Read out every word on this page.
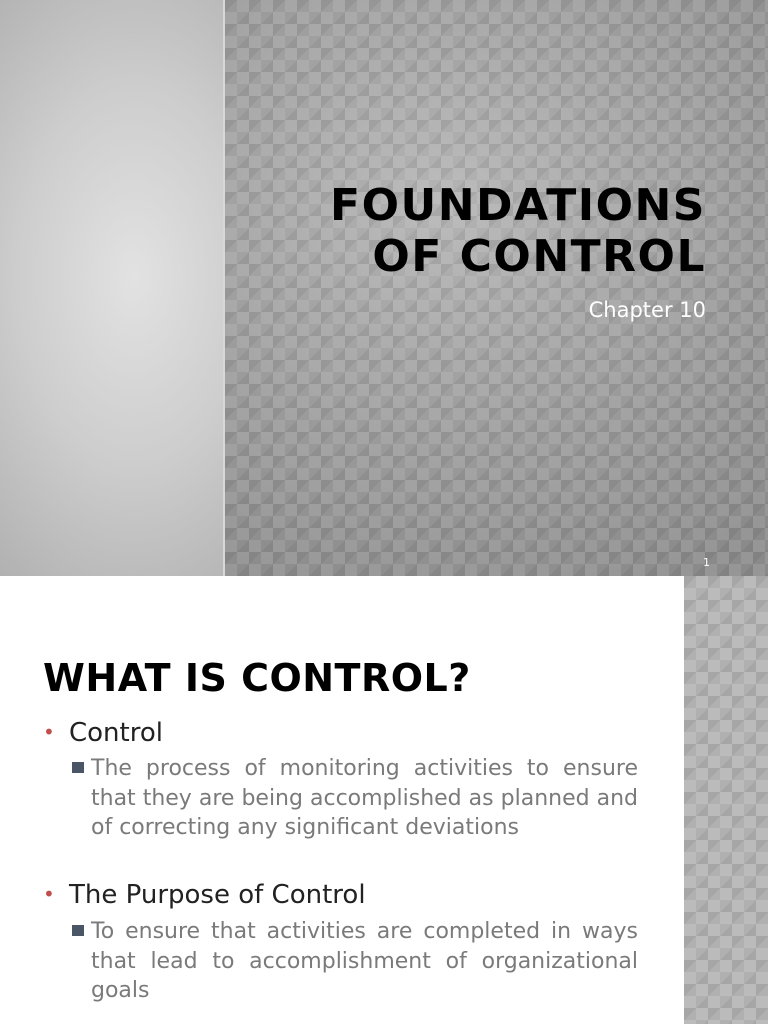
FOUNDATIONS
OF CONTROL
Chapter 10
1
WHAT IS CONTROL?
• Control
The process of monitoring activities to ensure that they are being accomplished as planned and of correcting any significant deviations
• The Purpose of Control
To ensure that activities are completed in ways that lead to accomplishment of organizational goals
